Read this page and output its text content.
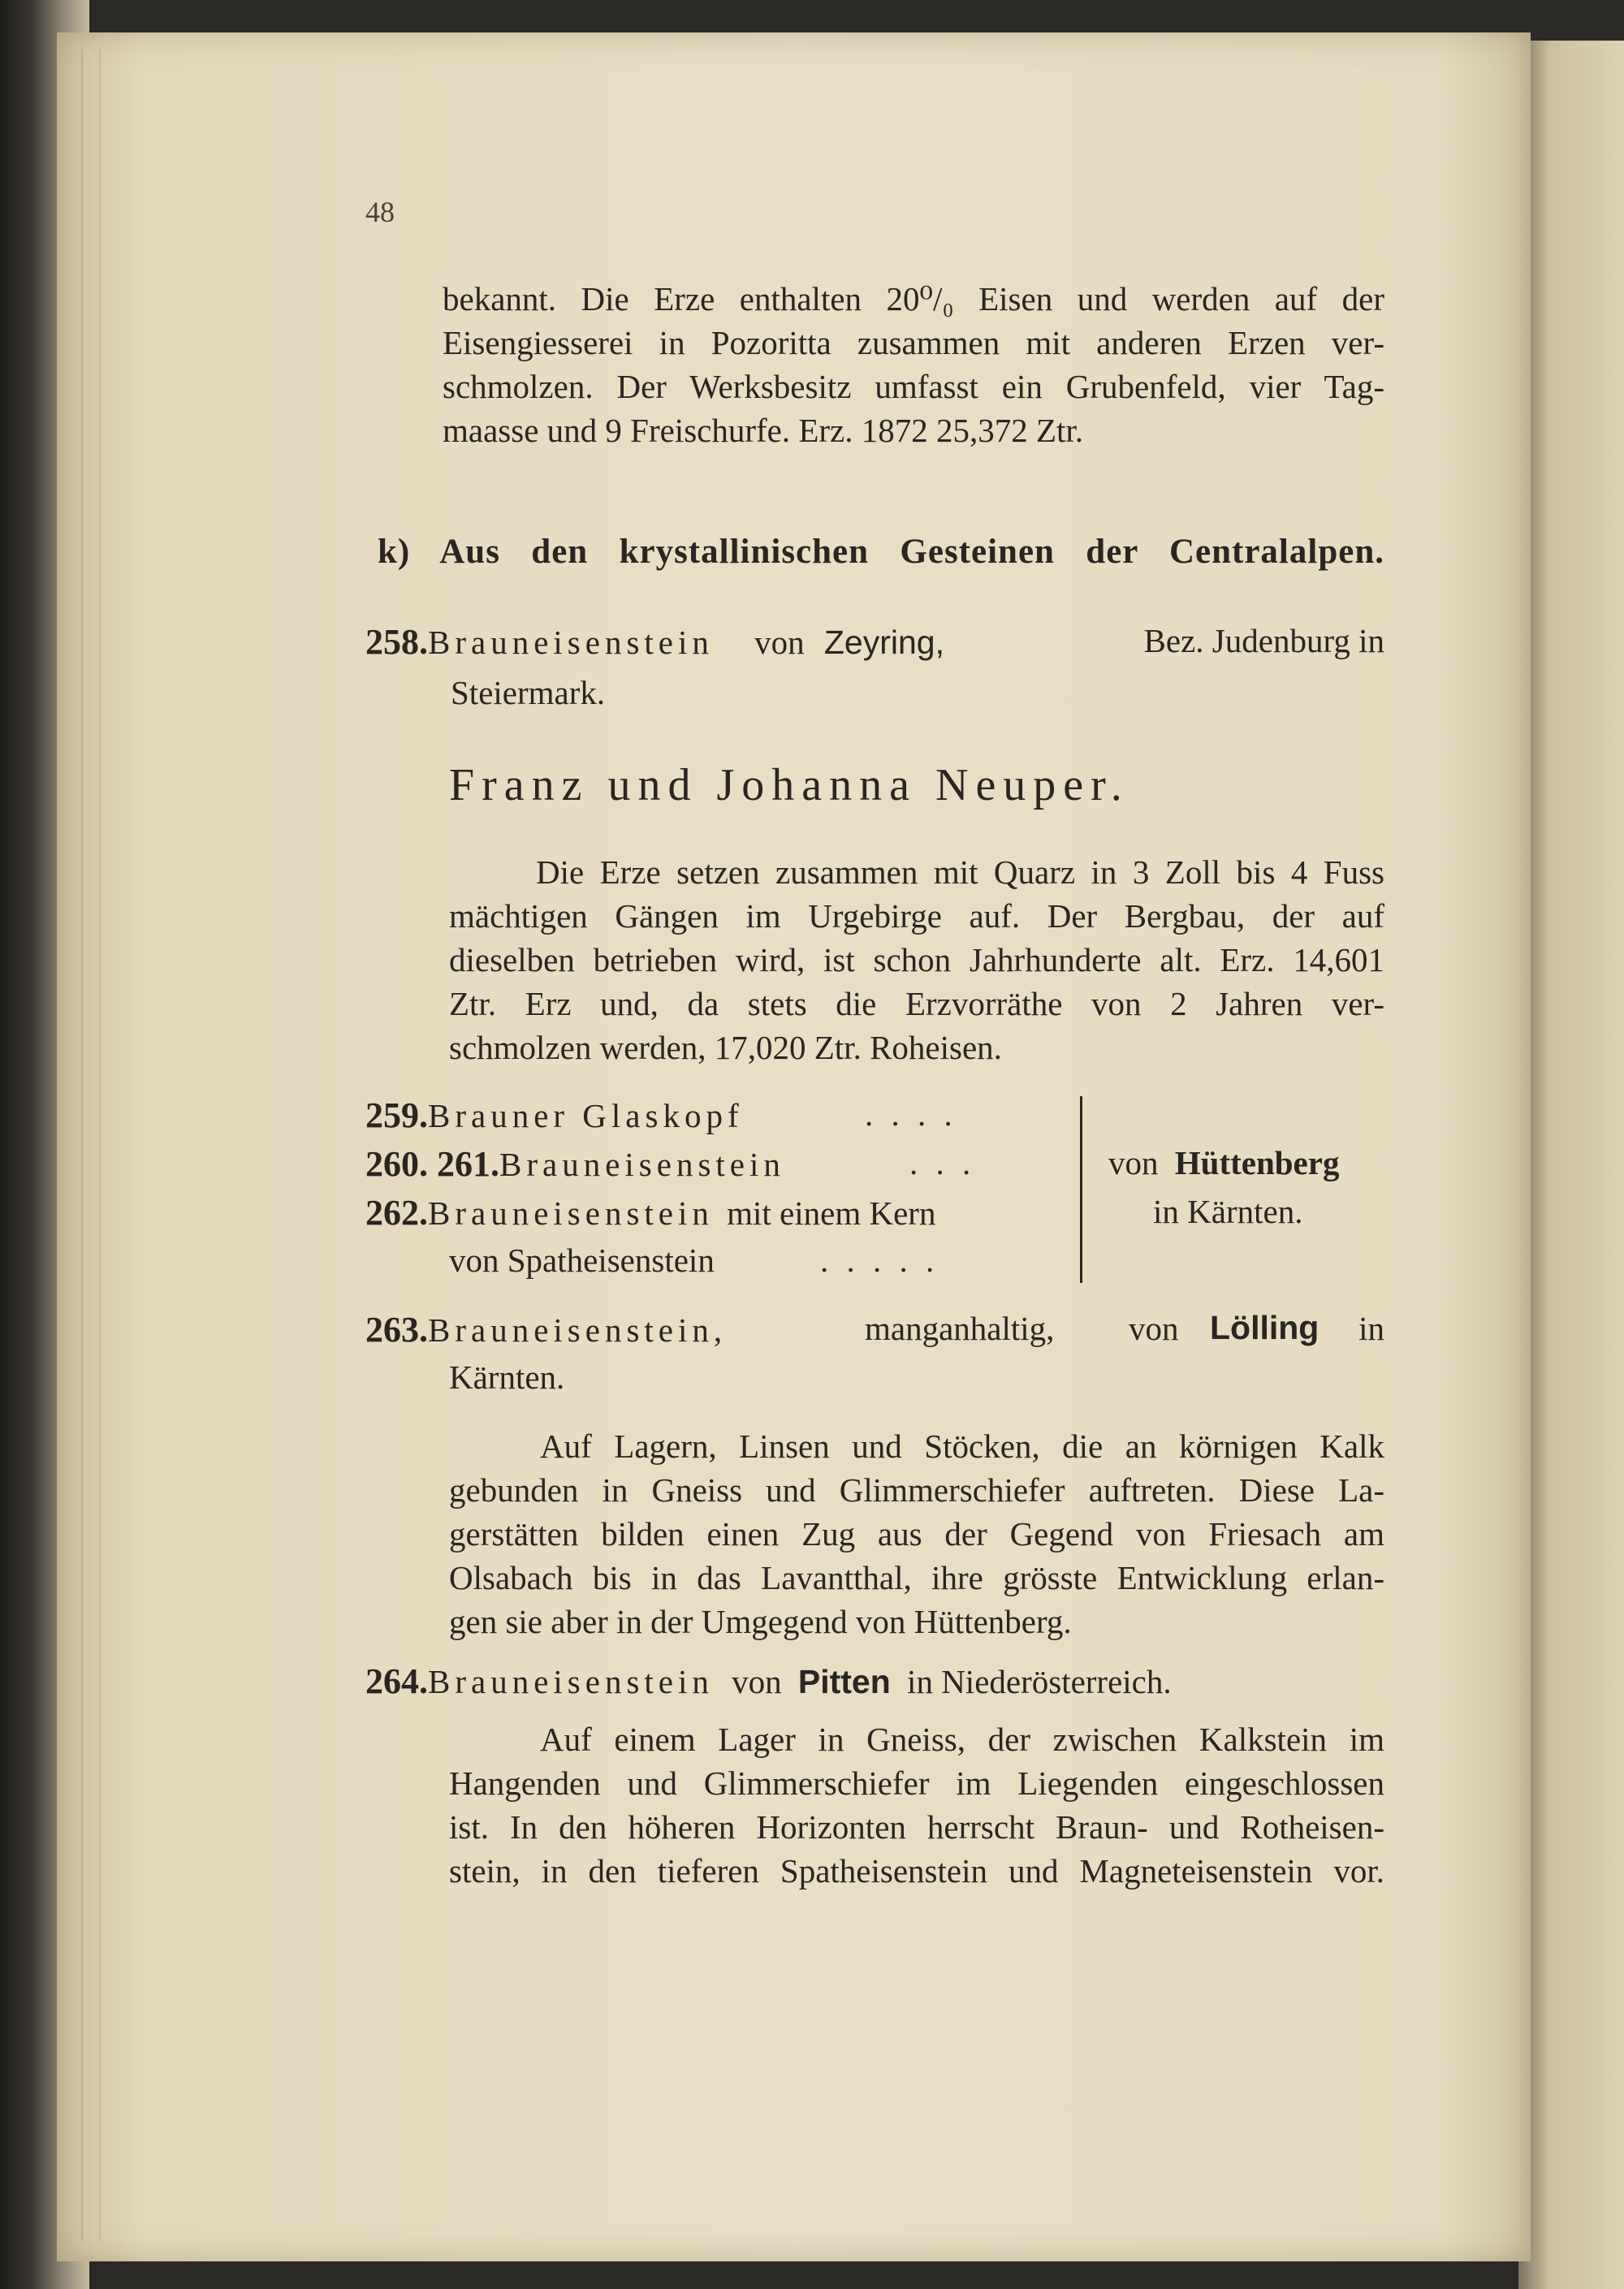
48
bekannt. Die Erze enthalten 20⁰/₀ Eisen und werden auf der
Eisengiesserei in Pozoritta zusammen mit anderen Erzen ver-
schmolzen. Der Werksbesitz umfasst ein Grubenfeld, vier Tag-
maasse und 9 Freischurfe. Erz. 1872 25,372 Ztr.
k) Aus den krystallinischen Gesteinen der Centralalpen.
258.Brauneisenstein von Zeyring,	Bez. Judenburg in
Steiermark.
Franz und Johanna Neuper.
Die Erze setzen zusammen mit Quarz in 3 Zoll bis 4 Fuss
mächtigen Gängen im Urgebirge auf. Der Bergbau, der auf
dieselben betrieben wird, ist schon Jahrhunderte alt. Erz. 14,601
Ztr. Erz und, da stets die Erzvorräthe von 2 Jahren ver-
schmolzen werden, 17,020 Ztr. Roheisen.
259.Brauner Glaskopf	. . . .
260. 261.Brauneisenstein	. . .
262.Brauneisenstein mit einem Kern
von Spatheisenstein	. . . . .
von Hüttenberg
in Kärnten.
263.Brauneisenstein,	manganhaltig, von Lölling in
Kärnten.
Auf Lagern, Linsen und Stöcken, die an körnigen Kalk
gebunden in Gneiss und Glimmerschiefer auftreten. Diese La-
gerstätten bilden einen Zug aus der Gegend von Friesach am
Olsabach bis in das Lavantthal, ihre grösste Entwicklung erlan-
gen sie aber in der Umgegend von Hüttenberg.
264.Brauneisenstein von Pitten in Niederösterreich.
Auf einem Lager in Gneiss, der zwischen Kalkstein im
Hangenden und Glimmerschiefer im Liegenden eingeschlossen
ist. In den höheren Horizonten herrscht Braun- und Rotheisen-
stein, in den tieferen Spatheisenstein und Magneteisenstein vor.
